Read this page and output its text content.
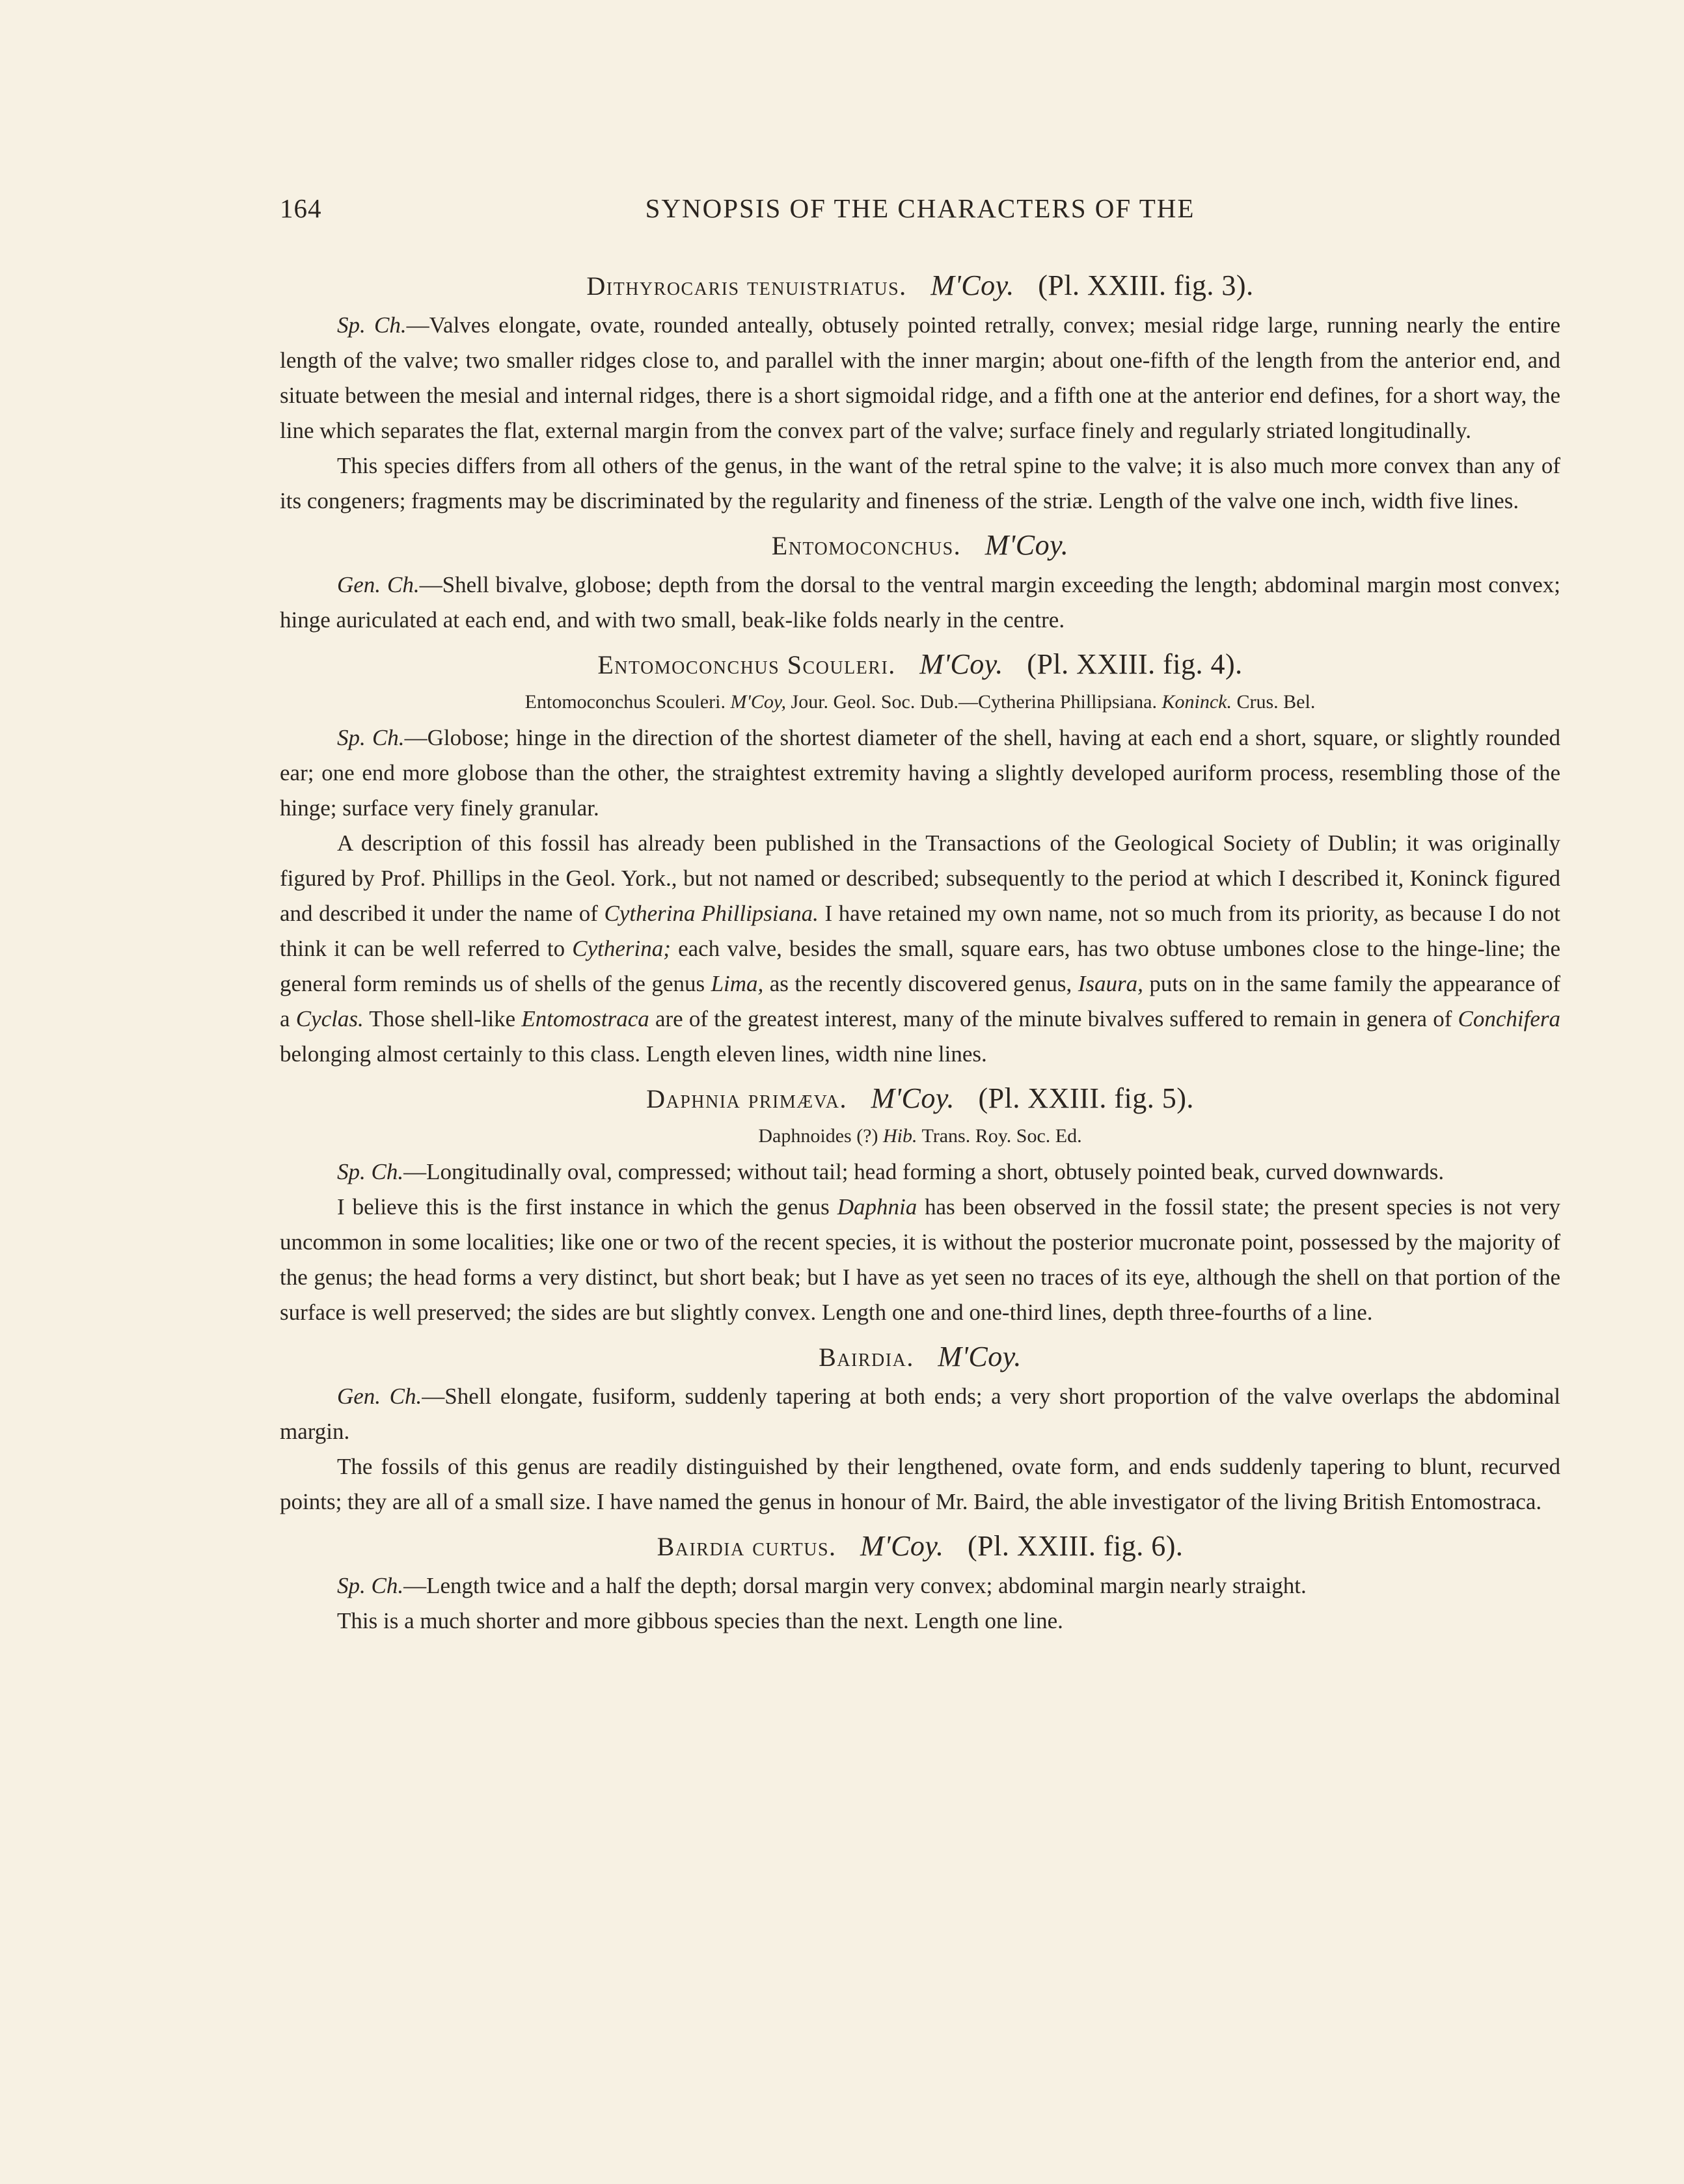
164	SYNOPSIS OF THE CHARACTERS OF THE
Dithyrocaris tenuistriatus. M'Coy. (Pl. XXIII. fig. 3).

Sp. Ch.—Valves elongate, ovate, rounded anteally, obtusely pointed retrally, convex; mesial ridge large, running nearly the entire length of the valve; two smaller ridges close to, and parallel with the inner margin; about one-fifth of the length from the anterior end, and situate between the mesial and internal ridges, there is a short sigmoidal ridge, and a fifth one at the anterior end defines, for a short way, the line which separates the flat, external margin from the convex part of the valve; surface finely and regularly striated longitudinally.

This species differs from all others of the genus, in the want of the retral spine to the valve; it is also much more convex than any of its congeners; fragments may be discriminated by the regularity and fineness of the striæ. Length of the valve one inch, width five lines.

Entomoconchus. M'Coy.

Gen. Ch.—Shell bivalve, globose; depth from the dorsal to the ventral margin exceeding the length; abdominal margin most convex; hinge auriculated at each end, and with two small, beak-like folds nearly in the centre.

Entomoconchus Scouleri. M'Coy. (Pl. XXIII. fig. 4).
Entomoconchus Scouleri. M'Coy, Jour. Geol. Soc. Dub.—Cytherina Phillipsiana. Koninck. Crus. Bel.

Sp. Ch.—Globose; hinge in the direction of the shortest diameter of the shell, having at each end a short, square, or slightly rounded ear; one end more globose than the other, the straightest extremity having a slightly developed auriform process, resembling those of the hinge; surface very finely granular.

A description of this fossil has already been published in the Transactions of the Geological Society of Dublin; it was originally figured by Prof. Phillips in the Geol. York., but not named or described; subsequently to the period at which I described it, Koninck figured and described it under the name of Cytherina Phillipsiana. I have retained my own name, not so much from its priority, as because I do not think it can be well referred to Cytherina; each valve, besides the small, square ears, has two obtuse umbones close to the hinge-line; the general form reminds us of shells of the genus Lima, as the recently discovered genus, Isaura, puts on in the same family the appearance of a Cyclas. Those shell-like Entomostraca are of the greatest interest, many of the minute bivalves suffered to remain in genera of Conchifera belonging almost certainly to this class. Length eleven lines, width nine lines.

Daphnia primæva. M'Coy. (Pl. XXIII. fig. 5).
Daphnoides (?) Hib. Trans. Roy. Soc. Ed.

Sp. Ch.—Longitudinally oval, compressed; without tail; head forming a short, obtusely pointed beak, curved downwards.

I believe this is the first instance in which the genus Daphnia has been observed in the fossil state; the present species is not very uncommon in some localities; like one or two of the recent species, it is without the posterior mucronate point, possessed by the majority of the genus; the head forms a very distinct, but short beak; but I have as yet seen no traces of its eye, although the shell on that portion of the surface is well preserved; the sides are but slightly convex. Length one and one-third lines, depth three-fourths of a line.

Bairdia. M'Coy.

Gen. Ch.—Shell elongate, fusiform, suddenly tapering at both ends; a very short proportion of the valve overlaps the abdominal margin.

The fossils of this genus are readily distinguished by their lengthened, ovate form, and ends suddenly tapering to blunt, recurved points; they are all of a small size. I have named the genus in honour of Mr. Baird, the able investigator of the living British Entomostraca.

Bairdia curtus. M'Coy. (Pl. XXIII. fig. 6).

Sp. Ch.—Length twice and a half the depth; dorsal margin very convex; abdominal margin nearly straight.

This is a much shorter and more gibbous species than the next. Length one line.
